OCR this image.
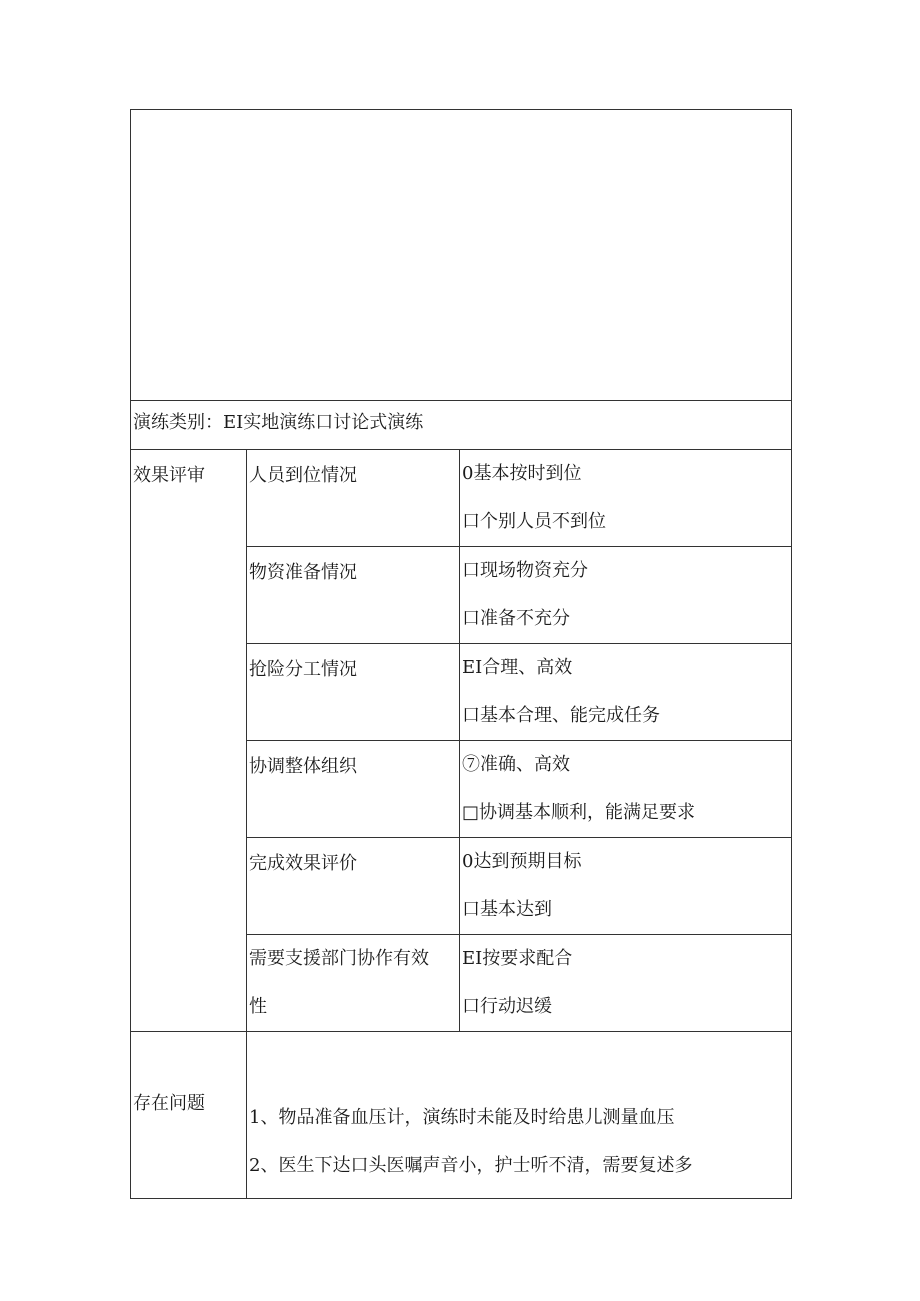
演练类别：EI实地演练口讨论式演练		

效果评审	人员到位情况	0基本按时到位
口个别人员不到位

	物资准备情况	口现场物资充分
口准备不充分

	抢险分工情况	EI合理、高效
口基本合理、能完成任务

	协调整体组织	⑦准确、高效
□协调基本顺利，能满足要求

	完成效果评价	0达到预期目标
口基本达到

	需要支援部门协作有效性	EI按要求配合
口行动迟缓

存在问题	1、物品准备血压计，演练时未能及时给患儿测量血压
2、医生下达口头医嘱声音小，护士听不清，需要复述多	
